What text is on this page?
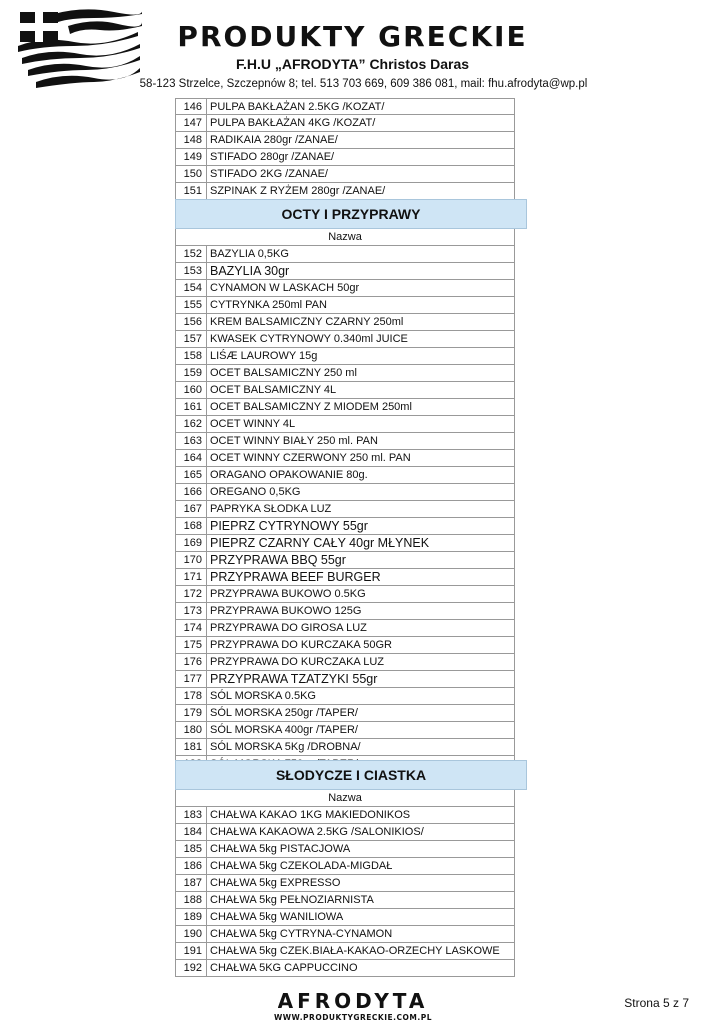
PRODUKTY GRECKIE
F.H.U „AFRODYTA” Christos Daras
58-123 Strzelce, Szczepnów 8; tel. 513 703 669, 609 386 081, mail: fhu.afrodyta@wp.pl
146 PULPA BAKŁAŻAN 2.5KG /KOZAT/
147 PULPA BAKŁAŻAN 4KG /KOZAT/
148 RADIKAIA 280gr /ZANAE/
149 STIFADO 280gr /ZANAE/
150 STIFADO 2KG /ZANAE/
151 SZPINAK Z RYŻEM 280gr /ZANAE/
OCTY I PRZYPRAWY
Nazwa
152 BAZYLIA 0,5KG
153 BAZYLIA 30gr
154 CYNAMON W LASKACH 50gr
155 CYTRYNKA 250ml PAN
156 KREM BALSAMICZNY CZARNY 250ml
157 KWASEK CYTRYNOWY 0.340ml JUICE
158 LIŚÆ LAUROWY 15g
159 OCET BALSAMICZNY 250 ml
160 OCET BALSAMICZNY 4L
161 OCET BALSAMICZNY Z MIODEM 250ml
162 OCET WINNY 4L
163 OCET WINNY BIAŁY 250 ml. PAN
164 OCET WINNY CZERWONY 250 ml. PAN
165 ORAGANO OPAKOWANIE 80g.
166 OREGANO 0,5KG
167 PAPRYKA SŁODKA LUZ
168 PIEPRZ CYTRYNOWY 55gr
169 PIEPRZ CZARNY CAŁY 40gr MŁYNEK
170 PRZYPRAWA BBQ 55gr
171 PRZYPRAWA BEEF BURGER
172 PRZYPRAWA BUKOWO 0.5KG
173 PRZYPRAWA BUKOWO 125G
174 PRZYPRAWA DO GIROSA LUZ
175 PRZYPRAWA DO KURCZAKA 50GR
176 PRZYPRAWA DO KURCZAKA LUZ
177 PRZYPRAWA TZATZYKI 55gr
178 SÓL MORSKA 0.5KG
179 SÓL MORSKA 250gr /TAPER/
180 SÓL MORSKA 400gr /TAPER/
181 SÓL MORSKA 5Kg /DROBNA/
SŁODYCZE I CIASTKA
Nazwa
183 CHAŁWA KAKAO 1KG MAKIEDONIKOS
184 CHAŁWA KAKAOWA 2.5KG /SALONIKIOS/
185 CHAŁWA 5kg PISTACJOWA
186 CHAŁWA 5kg CZEKOLADA-MIGDAŁ
187 CHAŁWA 5kg EXPRESSO
188 CHAŁWA 5kg PEŁNOZIARNISTA
189 CHAŁWA 5kg WANILIOWA
190 CHAŁWA 5kg CYTRYNA-CYNAMON
191 CHAŁWA 5kg CZEK.BIAŁA-KAKAO-ORZECHY LASKOWE
192 CHAŁWA 5KG CAPPUCCINO
AFRODYTA
WWW.PRODUKTYGRECKIE.COM.PL
Strona 5 z 7
